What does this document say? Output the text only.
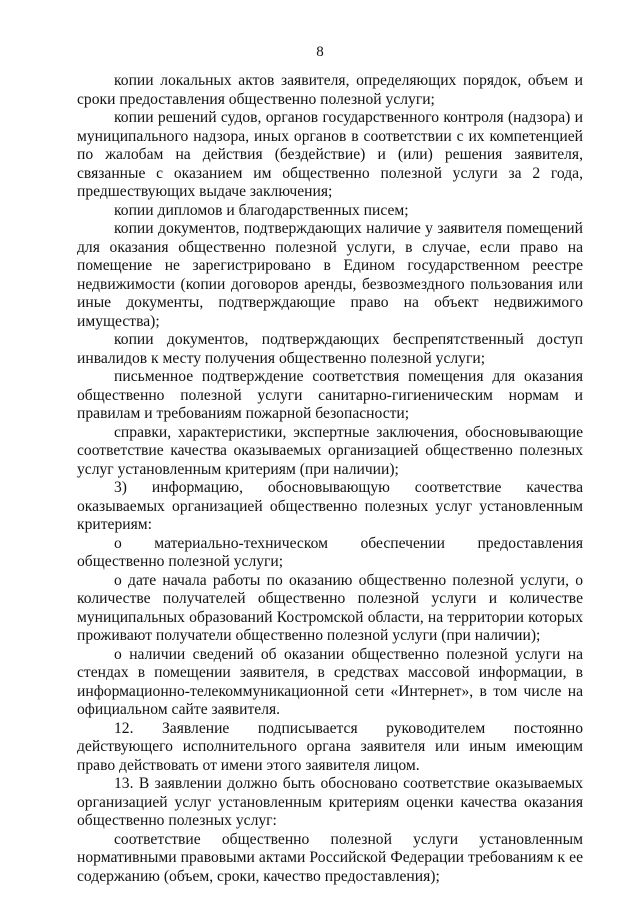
8

копии локальных актов заявителя, определяющих порядок, объем и сроки предоставления общественно полезной услуги;

копии решений судов, органов государственного контроля (надзора) и муниципального надзора, иных органов в соответствии с их компетенцией по жалобам на действия (бездействие) и (или) решения заявителя, связанные с оказанием им общественно полезной услуги за 2 года, предшествующих выдаче заключения;

копии дипломов и благодарственных писем;

копии документов, подтверждающих наличие у заявителя помещений для оказания общественно полезной услуги, в случае, если право на помещение не зарегистрировано в Едином государственном реестре недвижимости (копии договоров аренды, безвозмездного пользования или иные документы, подтверждающие право на объект недвижимого имущества);

копии документов, подтверждающих беспрепятственный доступ инвалидов к месту получения общественно полезной услуги;

письменное подтверждение соответствия помещения для оказания общественно полезной услуги санитарно-гигиеническим нормам и правилам и требованиям пожарной безопасности;

справки, характеристики, экспертные заключения, обосновывающие соответствие качества оказываемых организацией общественно полезных услуг установленным критериям (при наличии);

3) информацию, обосновывающую соответствие качества оказываемых организацией общественно полезных услуг установленным критериям:

о материально-техническом обеспечении предоставления общественно полезной услуги;

о дате начала работы по оказанию общественно полезной услуги, о количестве получателей общественно полезной услуги и количестве муниципальных образований Костромской области, на территории которых проживают получатели общественно полезной услуги (при наличии);

о наличии сведений об оказании общественно полезной услуги на стендах в помещении заявителя, в средствах массовой информации, в информационно-телекоммуникационной сети «Интернет», в том числе на официальном сайте заявителя.

12. Заявление подписывается руководителем постоянно действующего исполнительного органа заявителя или иным имеющим право действовать от имени этого заявителя лицом.

13. В заявлении должно быть обосновано соответствие оказываемых организацией услуг установленным критериям оценки качества оказания общественно полезных услуг:

соответствие общественно полезной услуги установленным нормативными правовыми актами Российской Федерации требованиям к ее содержанию (объем, сроки, качество предоставления);
